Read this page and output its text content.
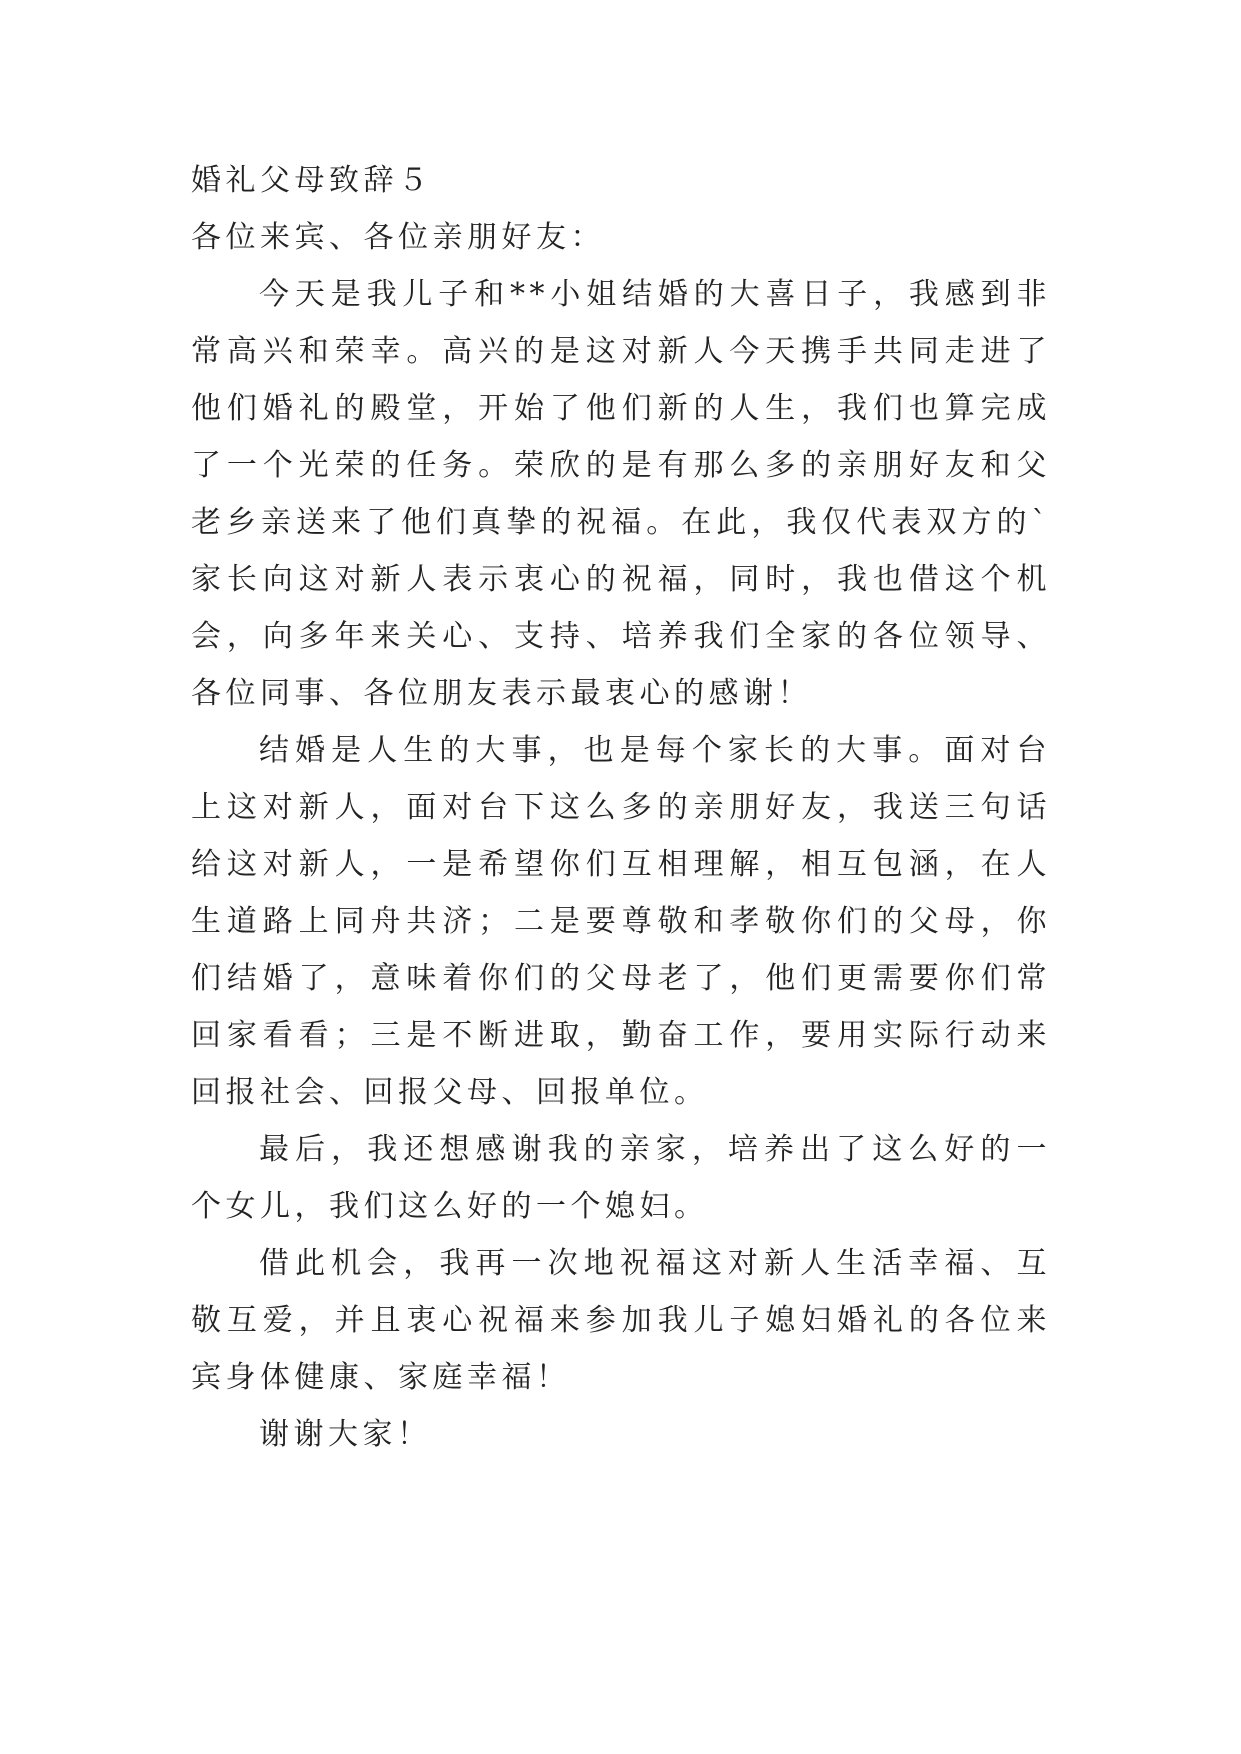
婚礼父母致辞５

各位来宾、各位亲朋好友：

今天是我儿子和**小姐结婚的大喜日子，我感到非常高兴和荣幸。高兴的是这对新人今天携手共同走进了他们婚礼的殿堂，开始了他们新的人生，我们也算完成了一个光荣的任务。荣欣的是有那么多的亲朋好友和父老乡亲送来了他们真挚的祝福。在此，我仅代表双方的`家长向这对新人表示衷心的祝福，同时，我也借这个机会，向多年来关心、支持、培养我们全家的各位领导、各位同事、各位朋友表示最衷心的感谢！

结婚是人生的大事，也是每个家长的大事。面对台上这对新人，面对台下这么多的亲朋好友，我送三句话给这对新人，一是希望你们互相理解，相互包涵，在人生道路上同舟共济；二是要尊敬和孝敬你们的父母，你们结婚了，意味着你们的父母老了，他们更需要你们常回家看看；三是不断进取，勤奋工作，要用实际行动来回报社会、回报父母、回报单位。

最后，我还想感谢我的亲家，培养出了这么好的一个女儿，我们这么好的一个媳妇。

借此机会，我再一次地祝福这对新人生活幸福、互敬互爱，并且衷心祝福来参加我儿子媳妇婚礼的各位来宾身体健康、家庭幸福！

谢谢大家！
